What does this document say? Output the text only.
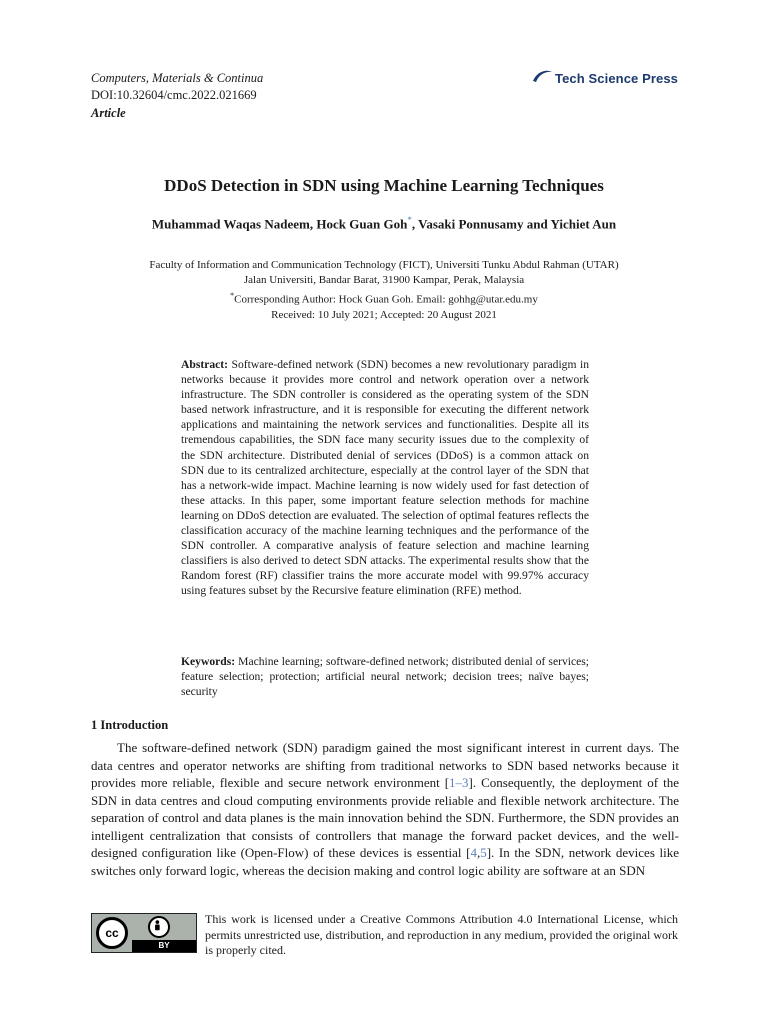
Computers, Materials & Continua
DOI:10.32604/cmc.2022.021669
Article
Tech Science Press
DDoS Detection in SDN using Machine Learning Techniques
Muhammad Waqas Nadeem, Hock Guan Goh*, Vasaki Ponnusamy and Yichiet Aun
Faculty of Information and Communication Technology (FICT), Universiti Tunku Abdul Rahman (UTAR)
Jalan Universiti, Bandar Barat, 31900 Kampar, Perak, Malaysia
*Corresponding Author: Hock Guan Goh. Email: gohhg@utar.edu.my
Received: 10 July 2021; Accepted: 20 August 2021
Abstract: Software-defined network (SDN) becomes a new revolutionary paradigm in networks because it provides more control and network operation over a network infrastructure. The SDN controller is considered as the operating system of the SDN based network infrastructure, and it is responsible for executing the different network applications and maintaining the network services and functionalities. Despite all its tremendous capabilities, the SDN face many security issues due to the complexity of the SDN architecture. Distributed denial of services (DDoS) is a common attack on SDN due to its centralized architecture, especially at the control layer of the SDN that has a network-wide impact. Machine learning is now widely used for fast detection of these attacks. In this paper, some important feature selection methods for machine learning on DDoS detection are evaluated. The selection of optimal features reflects the classification accuracy of the machine learning techniques and the performance of the SDN controller. A comparative analysis of feature selection and machine learning classifiers is also derived to detect SDN attacks. The experimental results show that the Random forest (RF) classifier trains the more accurate model with 99.97% accuracy using features subset by the Recursive feature elimination (RFE) method.
Keywords: Machine learning; software-defined network; distributed denial of services; feature selection; protection; artificial neural network; decision trees; naïve bayes; security
1 Introduction
The software-defined network (SDN) paradigm gained the most significant interest in current days. The data centres and operator networks are shifting from traditional networks to SDN based networks because it provides more reliable, flexible and secure network environment [1–3]. Consequently, the deployment of the SDN in data centres and cloud computing environments provide reliable and flexible network architecture. The separation of control and data planes is the main innovation behind the SDN. Furthermore, the SDN provides an intelligent centralization that consists of controllers that manage the forward packet devices, and the well-designed configuration like (Open-Flow) of these devices is essential [4,5]. In the SDN, network devices like switches only forward logic, whereas the decision making and control logic ability are software at an SDN
cc
BY
This work is licensed under a Creative Commons Attribution 4.0 International License, which permits unrestricted use, distribution, and reproduction in any medium, provided the original work is properly cited.
